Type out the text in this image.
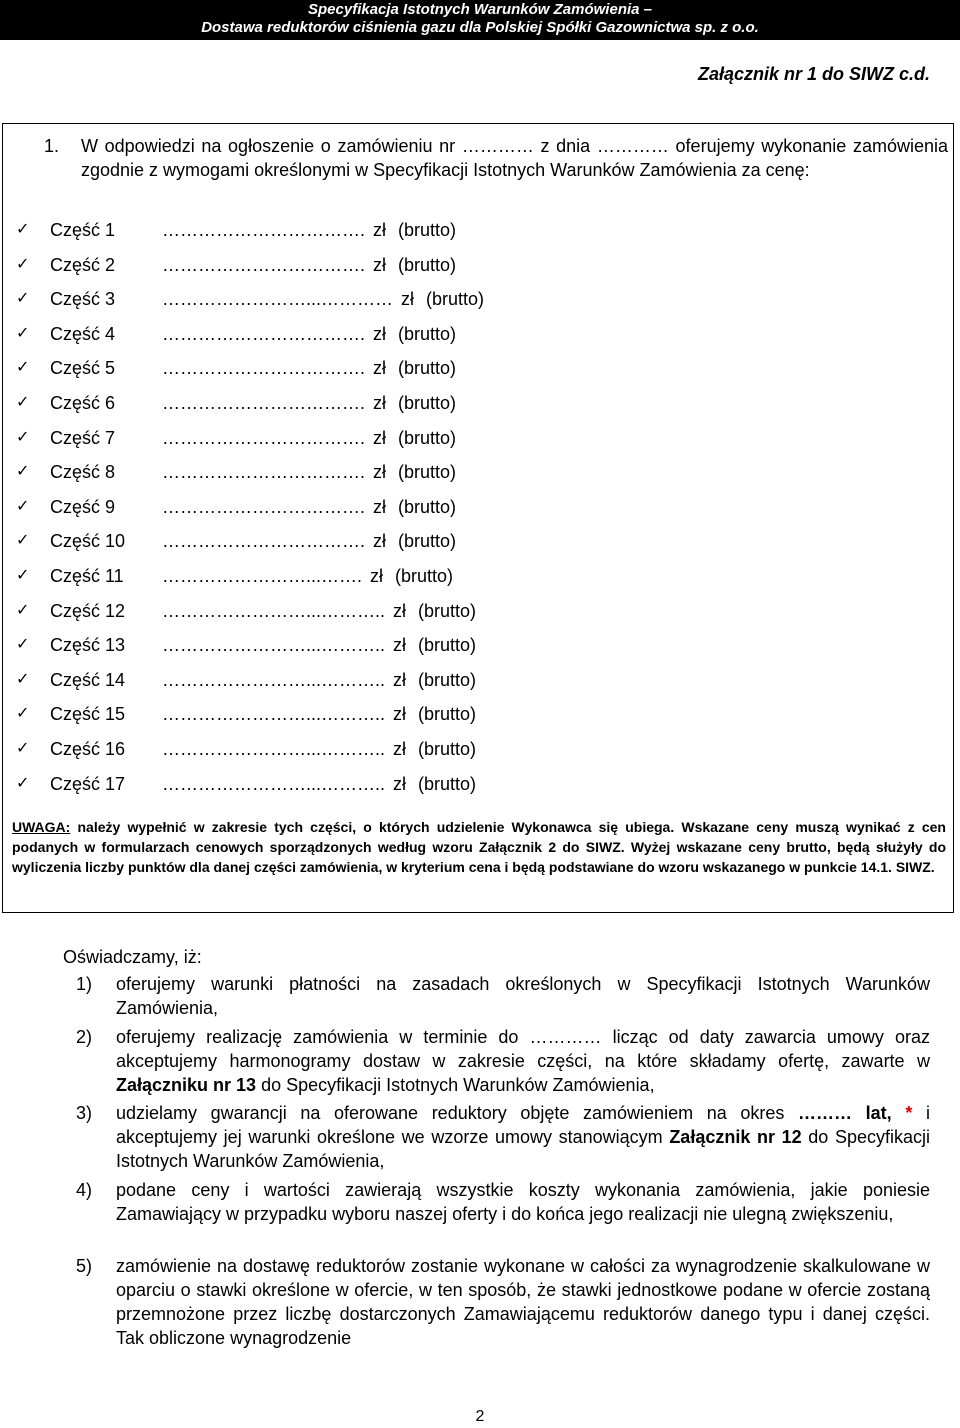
Specyfikacja Istotnych Warunków Zamówienia –
Dostawa reduktorów ciśnienia gazu dla Polskiej Spółki Gazownictwa sp. z o.o.
Załącznik nr 1 do SIWZ c.d.
1. W odpowiedzi na ogłoszenie o zamówieniu nr ………… z dnia ………… oferujemy wykonanie zamówienia zgodnie z wymogami określonymi w Specyfikacji Istotnych Warunków Zamówienia za cenę:
✓	Część 1	……………………………. zł (brutto)
✓	Część 2	……………………………. zł (brutto)
✓	Część 3	……………………...………… zł (brutto)
✓	Część 4	……………………………. zł (brutto)
✓	Część 5	……………………………. zł (brutto)
✓	Część 6	……………………………. zł (brutto)
✓	Część 7	……………………………. zł (brutto)
✓	Część 8	……………………………. zł (brutto)
✓	Część 9	……………………………. zł (brutto)
✓	Część 10 ……………………………. zł (brutto)
✓	Część 11 ……………………...……. zł (brutto)
✓	Część 12 ……………………...……….. zł (brutto)
✓	Część 13 ……………………...……….. zł (brutto)
✓	Część 14 ……………………...……….. zł (brutto)
✓	Część 15 ……………………...……….. zł (brutto)
✓	Część 16 ……………………...……….. zł (brutto)
✓	Część 17 ……………………...……….. zł (brutto)
UWAGA: należy wypełnić w zakresie tych części, o których udzielenie Wykonawca się ubiega. Wskazane ceny muszą wynikać z cen podanych w formularzach cenowych sporządzonych według wzoru Załącznik 2 do SIWZ. Wyżej wskazane ceny brutto, będą służyły do wyliczenia liczby punktów dla danej części zamówienia, w kryterium cena i będą podstawiane do wzoru wskazanego w punkcie 14.1. SIWZ.
Oświadczamy, iż:
1) oferujemy warunki płatności na zasadach określonych w Specyfikacji Istotnych Warunków Zamówienia,
2) oferujemy realizację zamówienia w terminie do ………… licząc od daty zawarcia umowy oraz akceptujemy harmonogramy dostaw w zakresie części, na które składamy ofertę, zawarte w Załączniku nr 13 do Specyfikacji Istotnych Warunków Zamówienia,
3) udzielamy gwarancji na oferowane reduktory objęte zamówieniem na okres ……… lat, * i akceptujemy jej warunki określone we wzorze umowy stanowiącym Załącznik nr 12 do Specyfikacji Istotnych Warunków Zamówienia,
4) podane ceny i wartości zawierają wszystkie koszty wykonania zamówienia, jakie poniesie Zamawiający w przypadku wyboru naszej oferty i do końca jego realizacji nie ulegną zwiększeniu,
5) zamówienie na dostawę reduktorów zostanie wykonane w całości za wynagrodzenie skalkulowane w oparciu o stawki określone w ofercie, w ten sposób, że stawki jednostkowe podane w ofercie zostaną przemnożone przez liczbę dostarczonych Zamawiającemu reduktorów danego typu i danej części. Tak obliczone wynagrodzenie
2
